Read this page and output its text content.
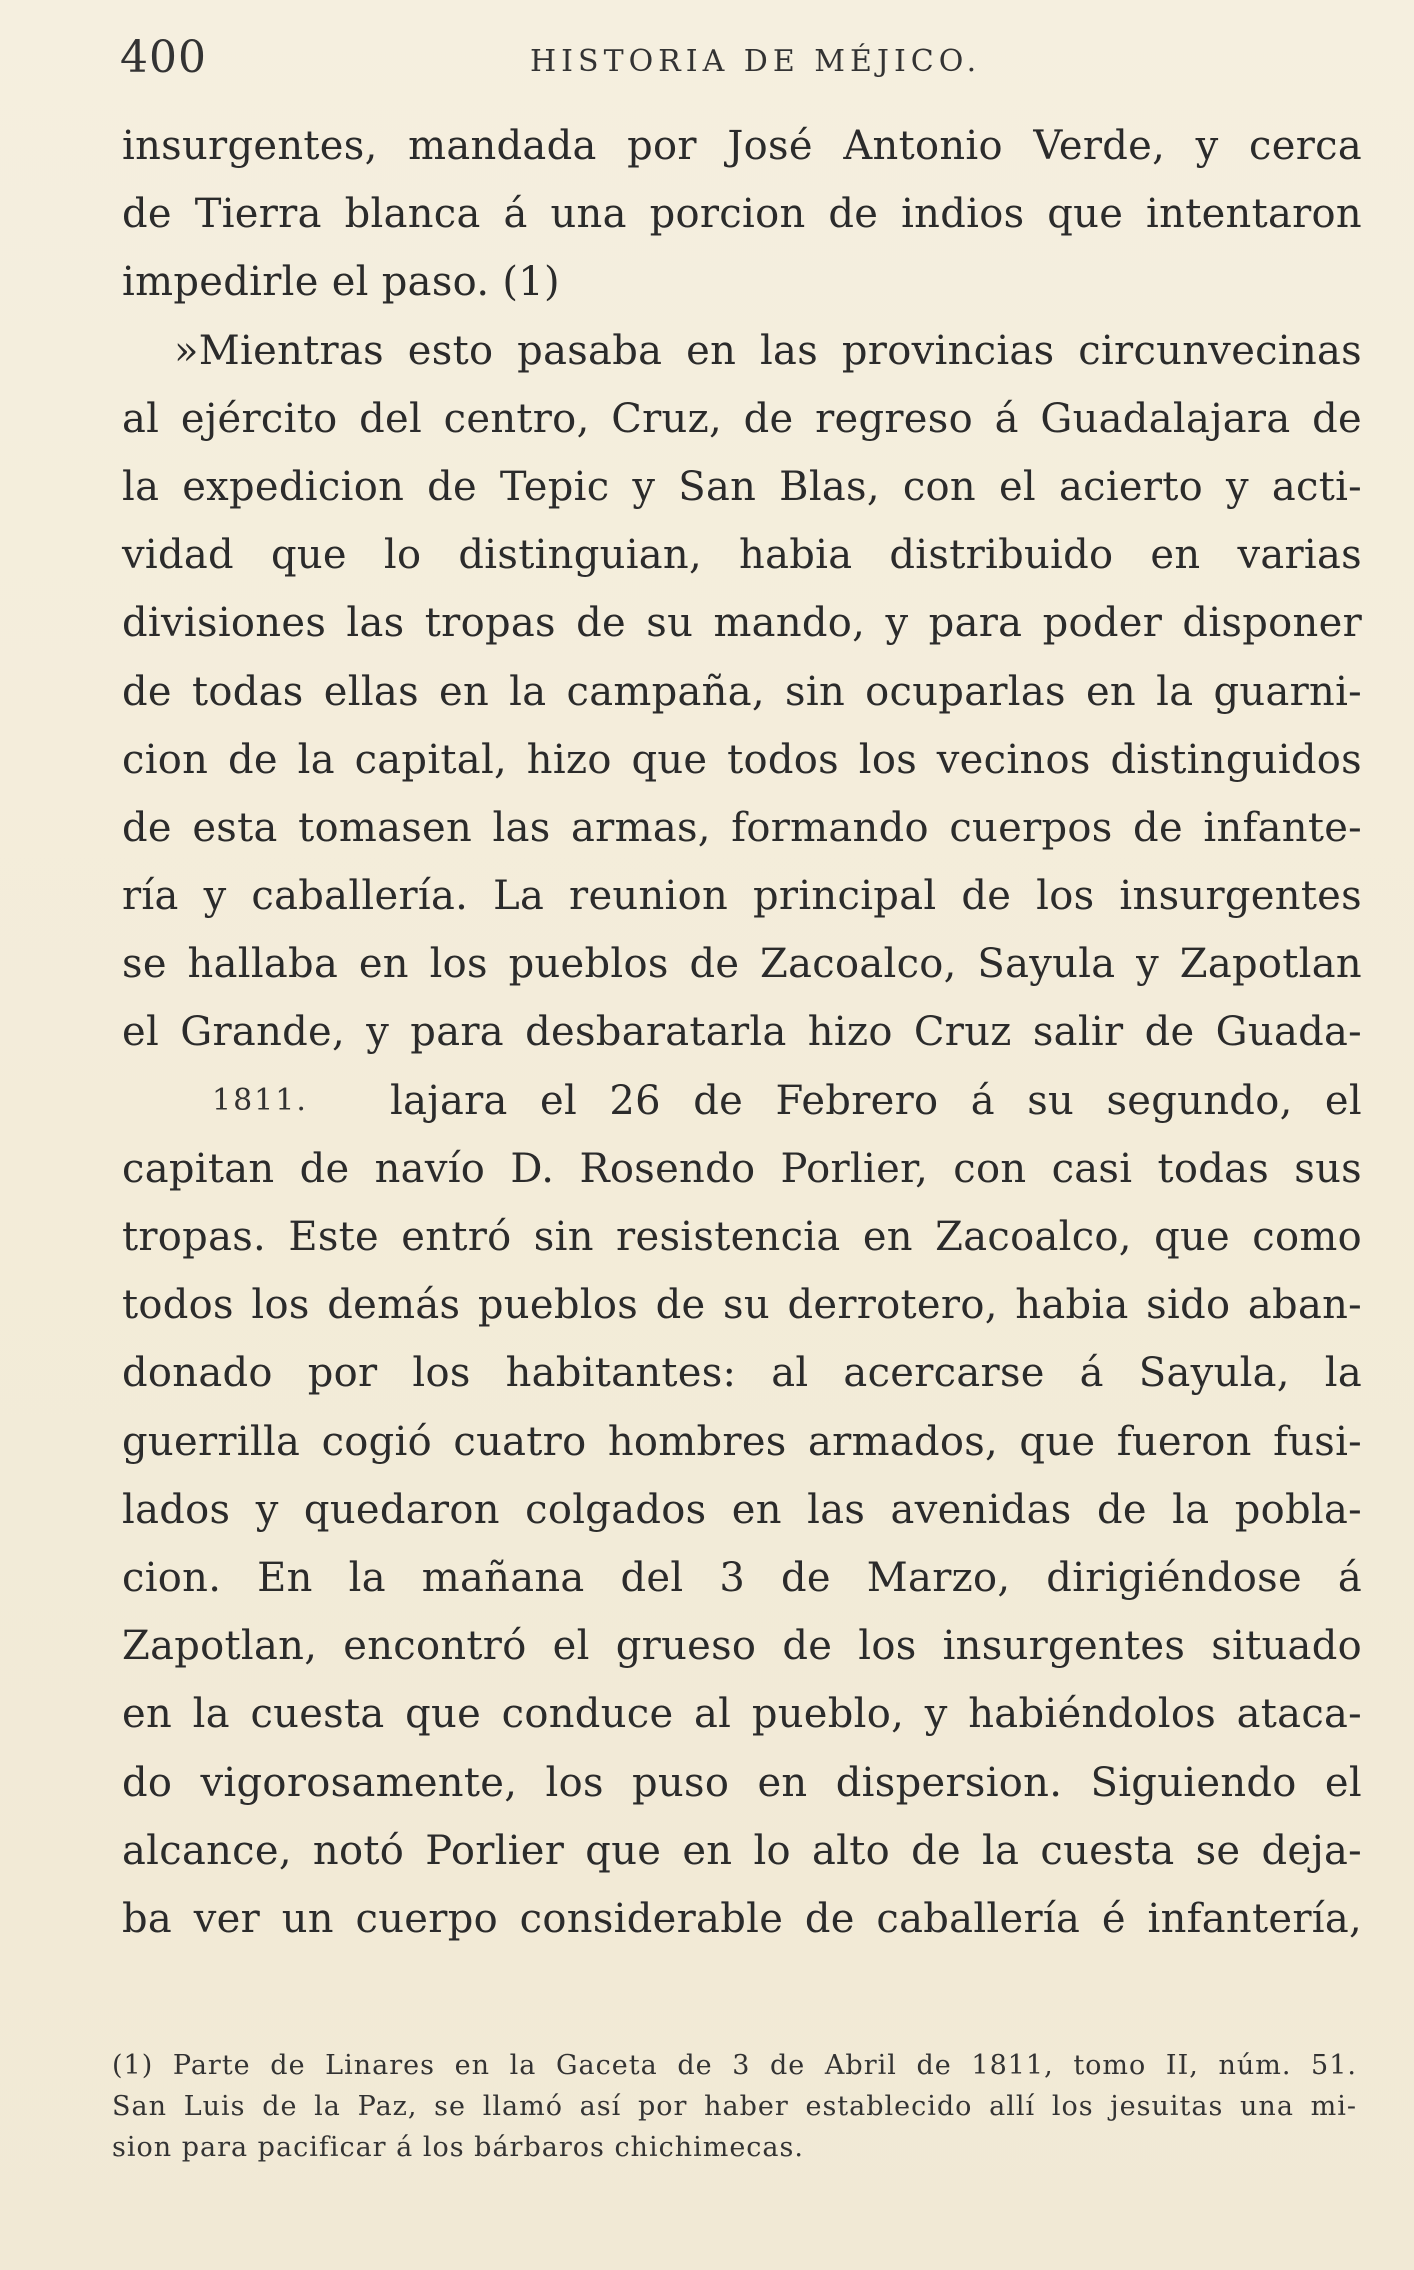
400	HISTORIA DE MÉJICO.
insurgentes, mandada por José Antonio Verde, y cerca
de Tierra blanca á una porcion de indios que intentaron
impedirle el paso. (1)
»Mientras esto pasaba en las provincias circunvecinas
al ejército del centro, Cruz, de regreso á Guadalajara de
la expedicion de Tepic y San Blas, con el acierto y acti-
vidad que lo distinguian, habia distribuido en varias
divisiones las tropas de su mando, y para poder disponer
de todas ellas en la campaña, sin ocuparlas en la guarni-
cion de la capital, hizo que todos los vecinos distinguidos
de esta tomasen las armas, formando cuerpos de infante-
ría y caballería. La reunion principal de los insurgentes
se hallaba en los pueblos de Zacoalco, Sayula y Zapotlan
el Grande, y para desbaratarla hizo Cruz salir de Guada-
1811. lajara el 26 de Febrero á su segundo, el
capitan de navío D. Rosendo Porlier, con casi todas sus
tropas. Este entró sin resistencia en Zacoalco, que como
todos los demás pueblos de su derrotero, habia sido aban-
donado por los habitantes: al acercarse á Sayula, la
guerrilla cogió cuatro hombres armados, que fueron fusi-
lados y quedaron colgados en las avenidas de la pobla-
cion. En la mañana del 3 de Marzo, dirigiéndose á
Zapotlan, encontró el grueso de los insurgentes situado
en la cuesta que conduce al pueblo, y habiéndolos ataca-
do vigorosamente, los puso en dispersion. Siguiendo el
alcance, notó Porlier que en lo alto de la cuesta se deja-
ba ver un cuerpo considerable de caballería é infantería,
(1) Parte de Linares en la Gaceta de 3 de Abril de 1811, tomo II, núm. 51.
San Luis de la Paz, se llamó así por haber establecido allí los jesuitas una mi-
sion para pacificar á los bárbaros chichimecas.
